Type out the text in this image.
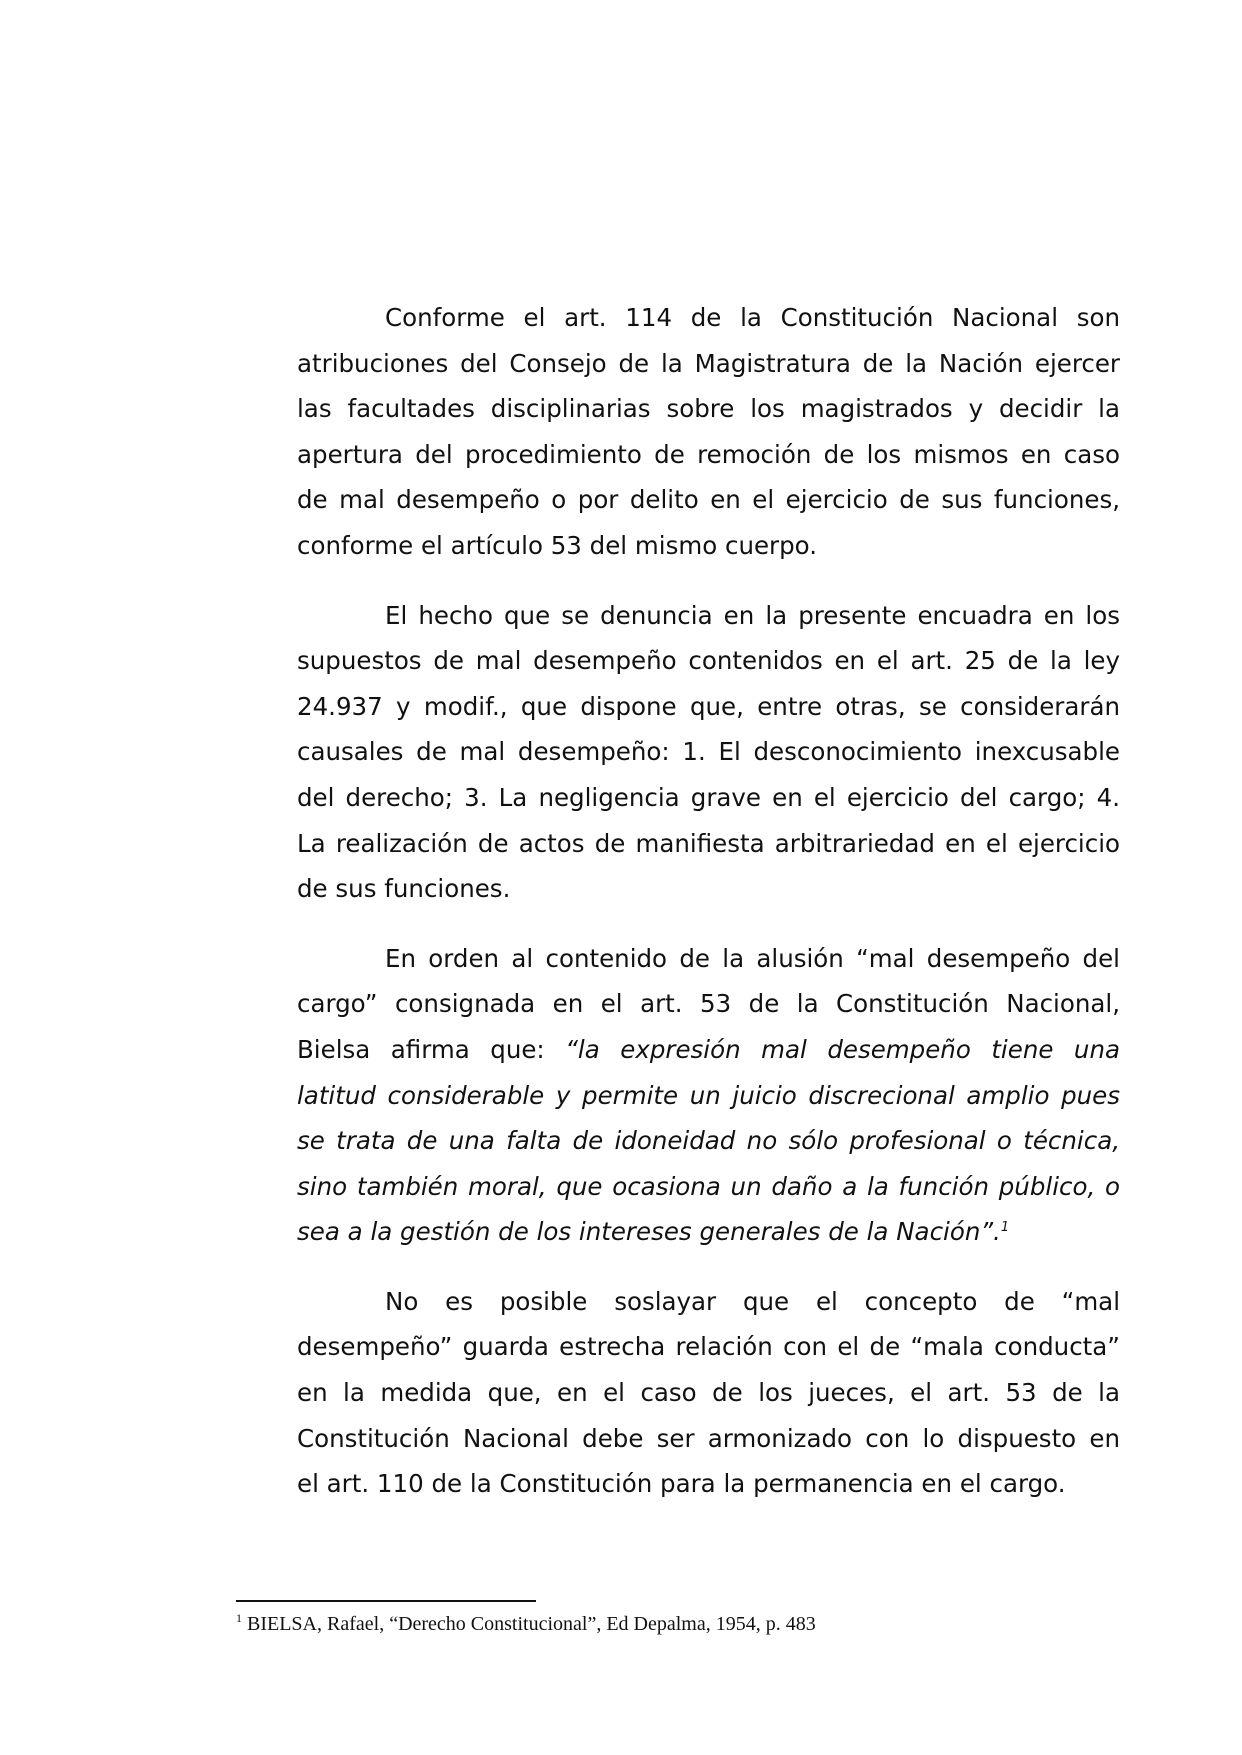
Conforme el art. 114 de la Constitución Nacional son
atribuciones del Consejo de la Magistratura de la Nación ejercer
las facultades disciplinarias sobre los magistrados y decidir la
apertura del procedimiento de remoción de los mismos en caso
de mal desempeño o por delito en el ejercicio de sus funciones,
conforme el artículo 53 del mismo cuerpo.
El hecho que se denuncia en la presente encuadra en los
supuestos de mal desempeño contenidos en el art. 25 de la ley
24.937 y modif., que dispone que, entre otras, se considerarán
causales de mal desempeño: 1. El desconocimiento inexcusable
del derecho; 3. La negligencia grave en el ejercicio del cargo; 4.
La realización de actos de manifiesta arbitrariedad en el ejercicio
de sus funciones.
En orden al contenido de la alusión “mal desempeño del
cargo” consignada en el art. 53 de la Constitución Nacional,
Bielsa afirma que: “la expresión mal desempeño tiene una
latitud considerable y permite un juicio discrecional amplio pues
se trata de una falta de idoneidad no sólo profesional o técnica,
sino también moral, que ocasiona un daño a la función público, o
sea a la gestión de los intereses generales de la Nación”.$^1$
No es posible soslayar que el concepto de “mal
desempeño” guarda estrecha relación con el de “mala conducta”
en la medida que, en el caso de los jueces, el art. 53 de la
Constitución Nacional debe ser armonizado con lo dispuesto en
el art. 110 de la Constitución para la permanencia en el cargo.
$^1$ BIELSA, Rafael, “Derecho Constitucional”, Ed Depalma, 1954, p. 483
